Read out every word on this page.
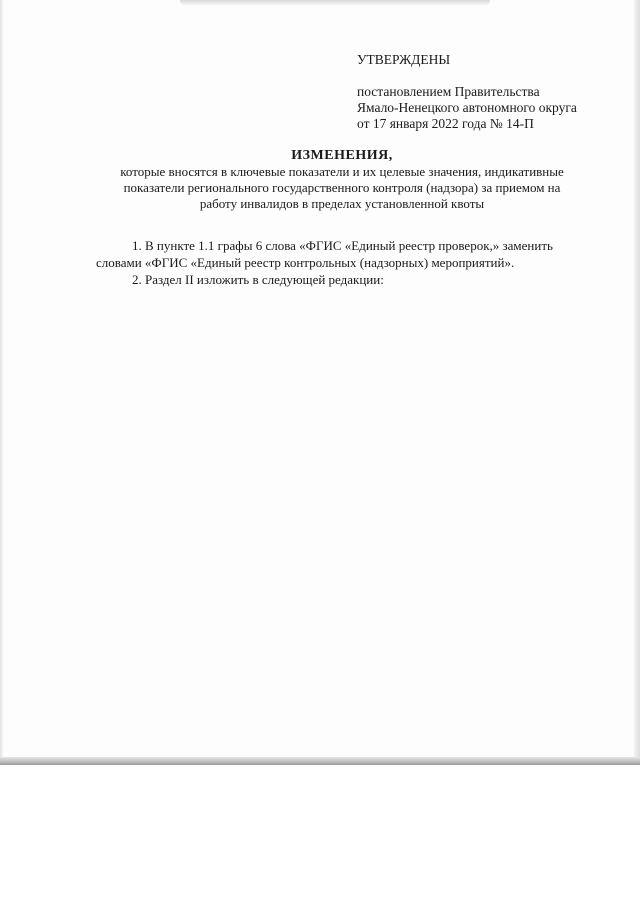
УТВЕРЖДЕНЫ
постановлением Правительства
Ямало-Ненецкого автономного округа
от 17 января 2022 года № 14-П
ИЗМЕНЕНИЯ,
которые вносятся в ключевые показатели и их целевые значения, индикативные
показатели регионального государственного контроля (надзора) за приемом на
работу инвалидов в пределах установленной квоты
1. В пункте 1.1 графы 6 слова «ФГИС «Единый реестр проверок,» заменить
словами «ФГИС «Единый реестр контрольных (надзорных) мероприятий».
2. Раздел II изложить в следующей редакции:
